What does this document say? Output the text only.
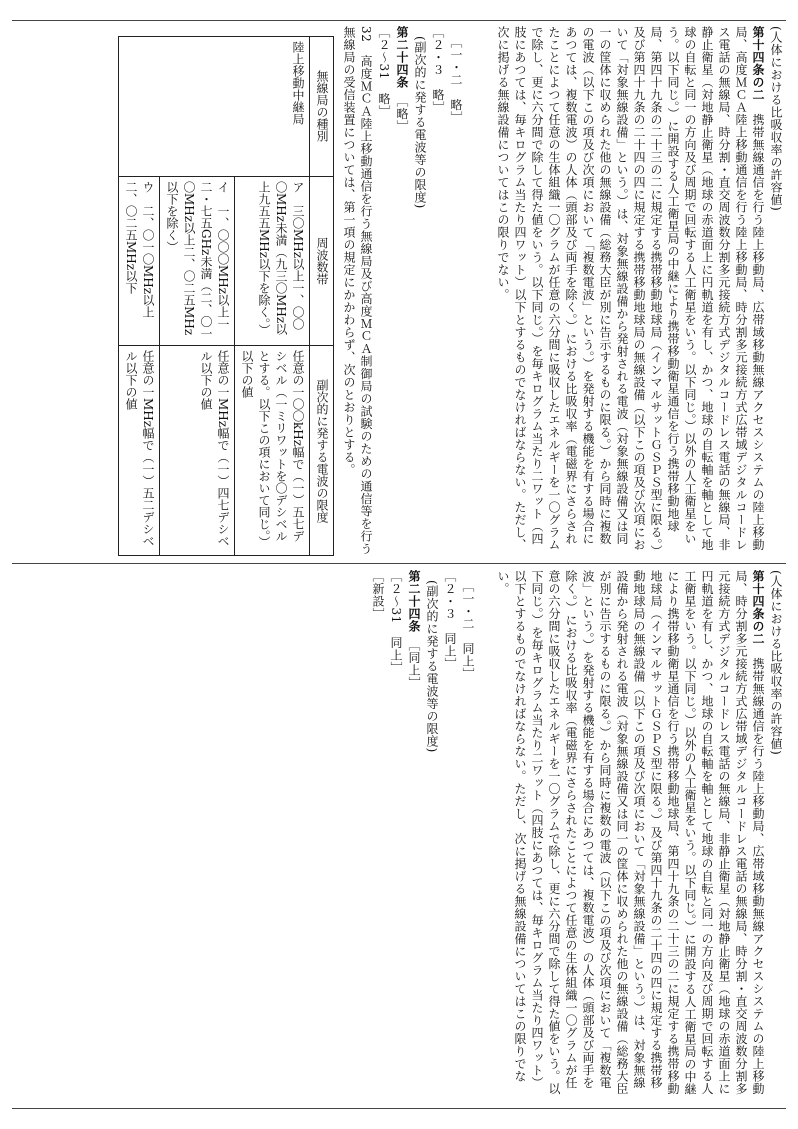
(人体における比吸収率の許容値)
第十四条の二　携帯無線通信を行う陸上移動局、広帯域移動無線アクセスシステムの陸上移動局、高度ＭＣＡ陸上移動通信を行う陸上移動局、時分割多元接続方式広帯域デジタルコードレス電話の無線局、時分割・直交周波数分割多元接続方式デジタルコードレス電話の無線局、非静止衛星（対地静止衛星（地球の赤道面上に円軌道を有し、かつ、地球の自転軸を軸として地球の自転と同一の方向及び周期で回転する人工衛星をいう。以下同じ。）以外の人工衛星をいう。以下同じ。）に開設する人工衛星局の中継により携帯移動衛星通信を行う携帯移動地球局、第四十九条の二十三の二に規定する携帯移動地球局（インマルサットＧＳＰＳ型に限る。）及び第四十九条の二十四の四に規定する携帯移動地球局の無線設備（以下この項及び次項において「対象無線設備」という。）は、対象無線設備から発射される電波（対象無線設備又は同一の筐体に収められた他の無線設備（総務大臣が別に告示するものに限る。）から同時に複数の電波（以下この項及び次項において「複数電波」という。）を発射する機能を有する場合にあつては、複数電波）の人体（頭部及び両手を除く。）における比吸収率（電磁界にさらされたことによつて任意の生体組織一〇グラムが任意の六分間に吸収したエネルギーを一〇グラムで除し、更に六分間で除して得た値をいう。以下同じ。）を毎キログラム当たり二ワット（四肢にあつては、毎キログラム当たり四ワット）以下とするものでなければならない。ただし、次に掲げる無線設備についてはこの限りでない。
［一・二　略］
［２・３　略］
(副次的に発する電波等の限度)
第二十四条　［略］
［２～31　略］
32　高度ＭＣＡ陸上移動通信を行う無線局及び高度ＭＣＡ制御局の試験のための通信等を行う無線局の受信装置については、第一項の規定にかかわらず、次のとおりとする。
無線局の種別	周波数帯	副次的に発する電波の限度
陸上移動中継局	ア　三〇MHz以上一、〇〇〇MHz未満（九三〇MHz以上九五五MHz以下を除く。）	任意の一〇〇kHz幅で（一）五七デシベル（一ミリワットを〇デシベルとする。以下この項において同じ。）以下の値
イ　一、〇〇〇MHz以上一二・七五GHz未満（二、〇一〇MHz以上二、〇二五MHz以下を除く）	任意の一MHz幅で（一）四七デシベル以下の値
ウ　二、〇一〇MHz以上二、〇二五MHz以下	任意の一MHz幅で（一）五二デシベル以下の値
(人体における比吸収率の許容値)
第十四条の二　携帯無線通信を行う陸上移動局、広帯域移動無線アクセスシステムの陸上移動局、時分割多元接続方式広帯域デジタルコードレス電話の無線局、時分割・直交周波数分割多元接続方式デジタルコードレス電話の無線局、非静止衛星（対地静止衛星（地球の赤道面上に円軌道を有し、かつ、地球の自転軸を軸として地球の自転と同一の方向及び周期で回転する人工衛星をいう。以下同じ。）以外の人工衛星をいう。以下同じ。）に開設する人工衛星局の中継により携帯移動衛星通信を行う携帯移動地球局、第四十九条の二十三の二に規定する携帯移動地球局（インマルサットＧＳＰＳ型に限る。）及び第四十九条の二十四の四に規定する携帯移動地球局の無線設備（以下この項及び次項において「対象無線設備」という。）は、対象無線設備から発射される電波（対象無線設備又は同一の筐体に収められた他の無線設備（総務大臣が別に告示するものに限る。）から同時に複数の電波（以下この項及び次項において「複数電波」という。）を発射する機能を有する場合にあつては、複数電波）の人体（頭部及び両手を除く。）における比吸収率（電磁界にさらされたことによつて任意の生体組織一〇グラムが任意の六分間に吸収したエネルギーを一〇グラムで除し、更に六分間で除して得た値をいう。以下同じ。）を毎キログラム当たり二ワット（四肢にあつては、毎キログラム当たり四ワット）以下とするものでなければならない。ただし、次に掲げる無線設備についてはこの限りでない。
［一・二　同上］
［２・３　同上］
(副次的に発する電波等の限度)
第二十四条　［同上］
［２～31　同上］
［新設］
